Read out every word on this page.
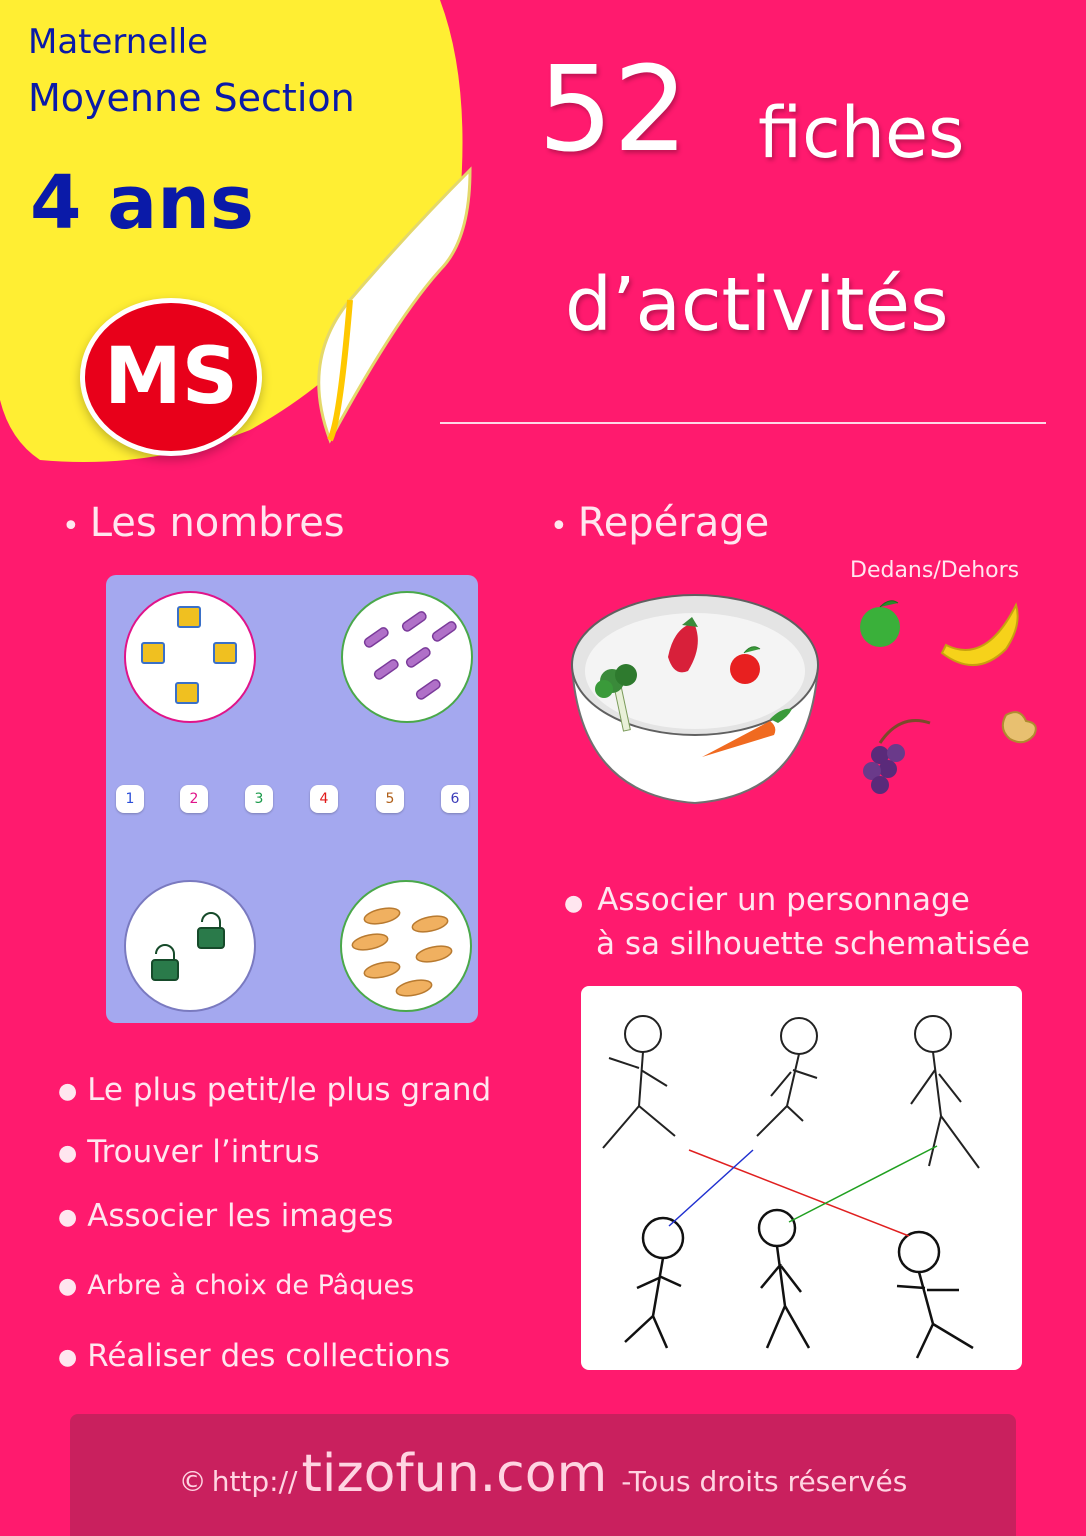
Maternelle
Moyenne Section
4 ans
MS
52 fiches
d’activités
• Les nombres	• Repérage
1	2	3	4	5	6
Dedans/Dehors
● Le plus petit/le plus grand
● Trouver l’intrus
● Associer les images
● Arbre à choix de Pâques
● Réaliser des collections
● Associer un personnage
à sa silhouette schematisée
© http://tizofun.com -Tous droits réservés
